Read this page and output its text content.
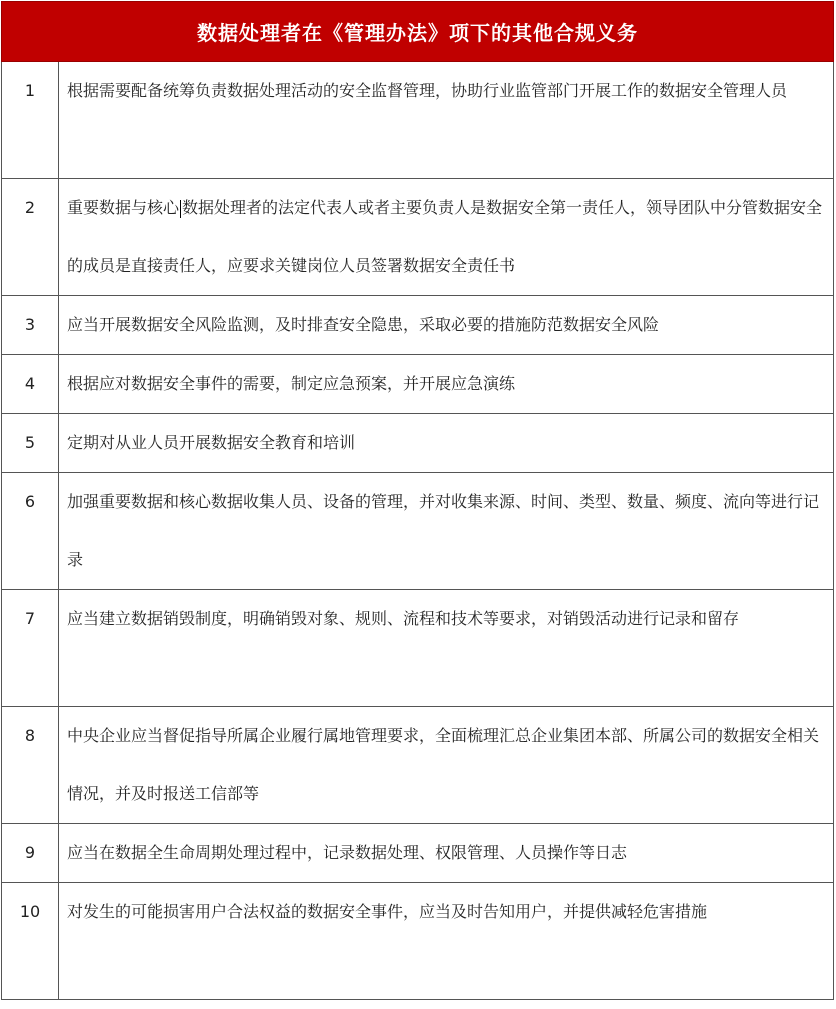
数据处理者在《管理办法》项下的其他合规义务	
1	根据需要配备统筹负责数据处理活动的安全监督管理，协助行业监管部门开展工作的数据安全管理人员
2	重要数据与核心 数据处理者的法定代表人或者主要负责人是数据安全第一责任人，领导团队中分管数据安全的成员是直接责任人，应要求关键岗位人员签署数据安全责任书
3	应当开展数据安全风险监测，及时排查安全隐患，采取必要的措施防范数据安全风险
4	根据应对数据安全事件的需要，制定应急预案，并开展应急演练
5	定期对从业人员开展数据安全教育和培训
6	加强重要数据和核心数据收集人员、设备的管理，并对收集来源、时间、类型、数量、频度、流向等进行记录
7	应当建立数据销毁制度，明确销毁对象、规则、流程和技术等要求，对销毁活动进行记录和留存
8	中央企业应当督促指导所属企业履行属地管理要求，全面梳理汇总企业集团本部、所属公司的数据安全相关情况，并及时报送工信部等
9	应当在数据全生命周期处理过程中，记录数据处理、权限管理、人员操作等日志
10	对发生的可能损害用户合法权益的数据安全事件，应当及时告知用户，并提供减轻危害措施
